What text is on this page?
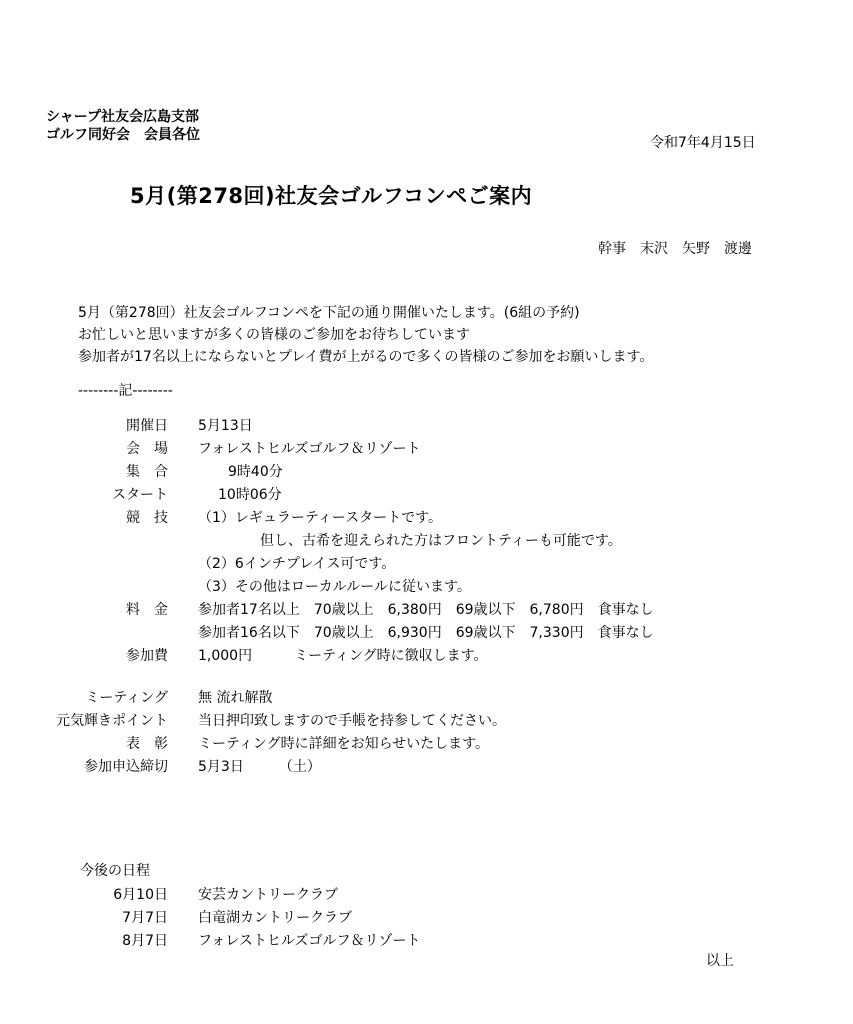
シャープ社友会広島支部
ゴルフ同好会　会員各位	令和7年4月15日
5月(第278回)社友会ゴルフコンペご案内
幹事　末沢　矢野　渡邊
5月（第278回）社友会ゴルフコンペを下記の通り開催いたします。(6組の予約)
お忙しいと思いますが多くの皆様のご参加をお待ちしています
参加者が17名以上にならないとプレイ費が上がるので多くの皆様のご参加をお願いします。
--------記--------
開催日 5月13日
会　場 フォレストヒルズゴルフ＆リゾート
集　合	9時40分
スタート	10時06分
競　技 （1）レギュラーティースタートです。
但し、古希を迎えられた方はフロントティーも可能です。
（2）6インチプレイス可です。
（3）その他はローカルルールに従います。
料　金 参加者17名以上　70歳以上　6,380円　69歳以下　6,780円　食事なし
参加者16名以下　70歳以上　6,930円　69歳以下　7,330円　食事なし
参加費 1,000円　　　ミーティング時に徴収します。
ミーティング 無 流れ解散
元気輝きポイント 当日押印致しますので手帳を持参してください。
表　彰 ミーティング時に詳細をお知らせいたします。
参加申込締切 5月3日　　　（土）
今後の日程
6月10日 安芸カントリークラブ
7月7日 白竜湖カントリークラブ
8月7日 フォレストヒルズゴルフ＆リゾート
以上
